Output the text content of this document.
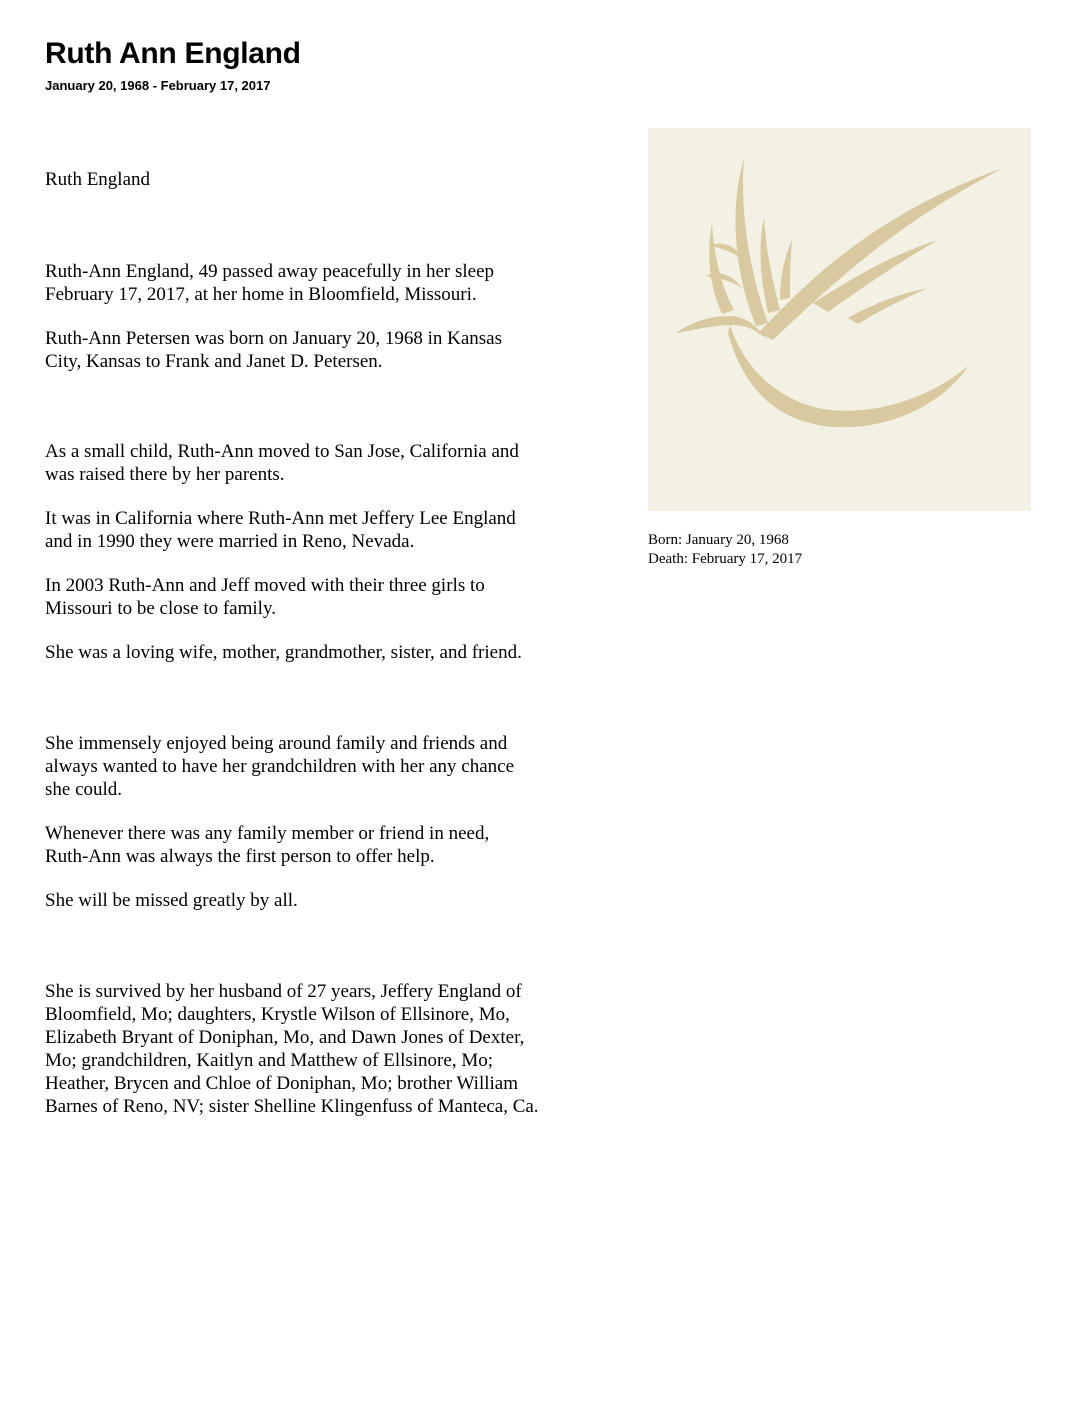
Ruth Ann England
January 20, 1968 - February 17, 2017

Ruth England

Ruth-Ann England, 49 passed away peacefully in her sleep
February 17, 2017, at her home in Bloomfield, Missouri.

Ruth-Ann Petersen was born on January 20, 1968 in Kansas
City, Kansas to Frank and Janet D. Petersen.

As a small child, Ruth-Ann moved to San Jose, California and
was raised there by her parents.

It was in California where Ruth-Ann met Jeffery Lee England
and in 1990 they were married in Reno, Nevada.

In 2003 Ruth-Ann and Jeff moved with their three girls to
Missouri to be close to family.

She was a loving wife, mother, grandmother, sister, and friend.

She immensely enjoyed being around family and friends and
always wanted to have her grandchildren with her any chance
she could.

Whenever there was any family member or friend in need,
Ruth-Ann was always the first person to offer help.

She will be missed greatly by all.

She is survived by her husband of 27 years, Jeffery England of
Bloomfield, Mo; daughters, Krystle Wilson of Ellsinore, Mo,
Elizabeth Bryant of Doniphan, Mo, and Dawn Jones of Dexter,
Mo; grandchildren, Kaitlyn and Matthew of Ellsinore, Mo;
Heather, Brycen and Chloe of Doniphan, Mo; brother William
Barnes of Reno, NV; sister Shelline Klingenfuss of Manteca, Ca.

Born: January 20, 1968
Death: February 17, 2017
